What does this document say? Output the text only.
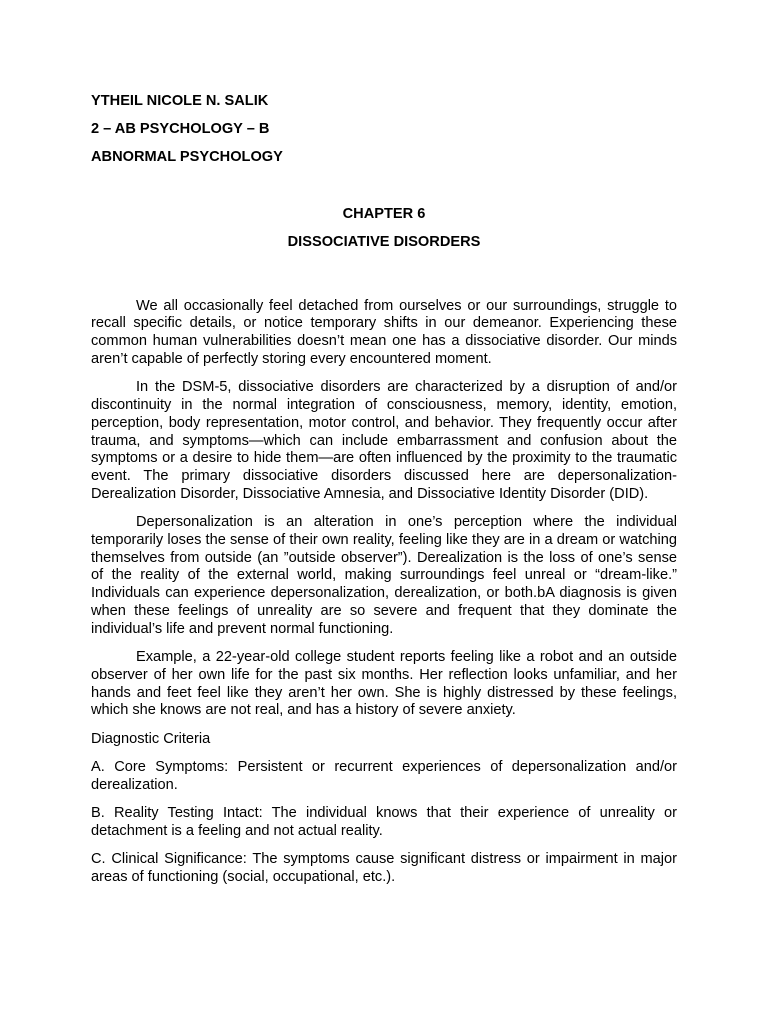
YTHEIL NICOLE N. SALIK
2 – AB PSYCHOLOGY – B
ABNORMAL PSYCHOLOGY
CHAPTER 6
DISSOCIATIVE DISORDERS

We all occasionally feel detached from ourselves or our surroundings, struggle to recall specific details, or notice temporary shifts in our demeanor. Experiencing these common human vulnerabilities doesn’t mean one has a dissociative disorder. Our minds aren’t capable of perfectly storing every encountered moment.

In the DSM-5, dissociative disorders are characterized by a disruption of and/or discontinuity in the normal integration of consciousness, memory, identity, emotion, perception, body representation, motor control, and behavior. They frequently occur after trauma, and symptoms—which can include embarrassment and confusion about the symptoms or a desire to hide them—are often influenced by the proximity to the traumatic event. The primary dissociative disorders discussed here are depersonalization-Derealization Disorder, Dissociative Amnesia, and Dissociative Identity Disorder (DID).

Depersonalization is an alteration in one’s perception where the individual temporarily loses the sense of their own reality, feeling like they are in a dream or watching themselves from outside (an ”outside observer”). Derealization is the loss of one’s sense of the reality of the external world, making surroundings feel unreal or “dream-like.” Individuals can experience depersonalization, derealization, or both.bA diagnosis is given when these feelings of unreality are so severe and frequent that they dominate the individual’s life and prevent normal functioning.

Example, a 22-year-old college student reports feeling like a robot and an outside observer of her own life for the past six months. Her reflection looks unfamiliar, and her hands and feet feel like they aren’t her own. She is highly distressed by these feelings, which she knows are not real, and has a history of severe anxiety.

Diagnostic Criteria

A. Core Symptoms: Persistent or recurrent experiences of depersonalization and/or derealization.

B. Reality Testing Intact: The individual knows that their experience of unreality or detachment is a feeling and not actual reality.

C. Clinical Significance: The symptoms cause significant distress or impairment in major areas of functioning (social, occupational, etc.).
